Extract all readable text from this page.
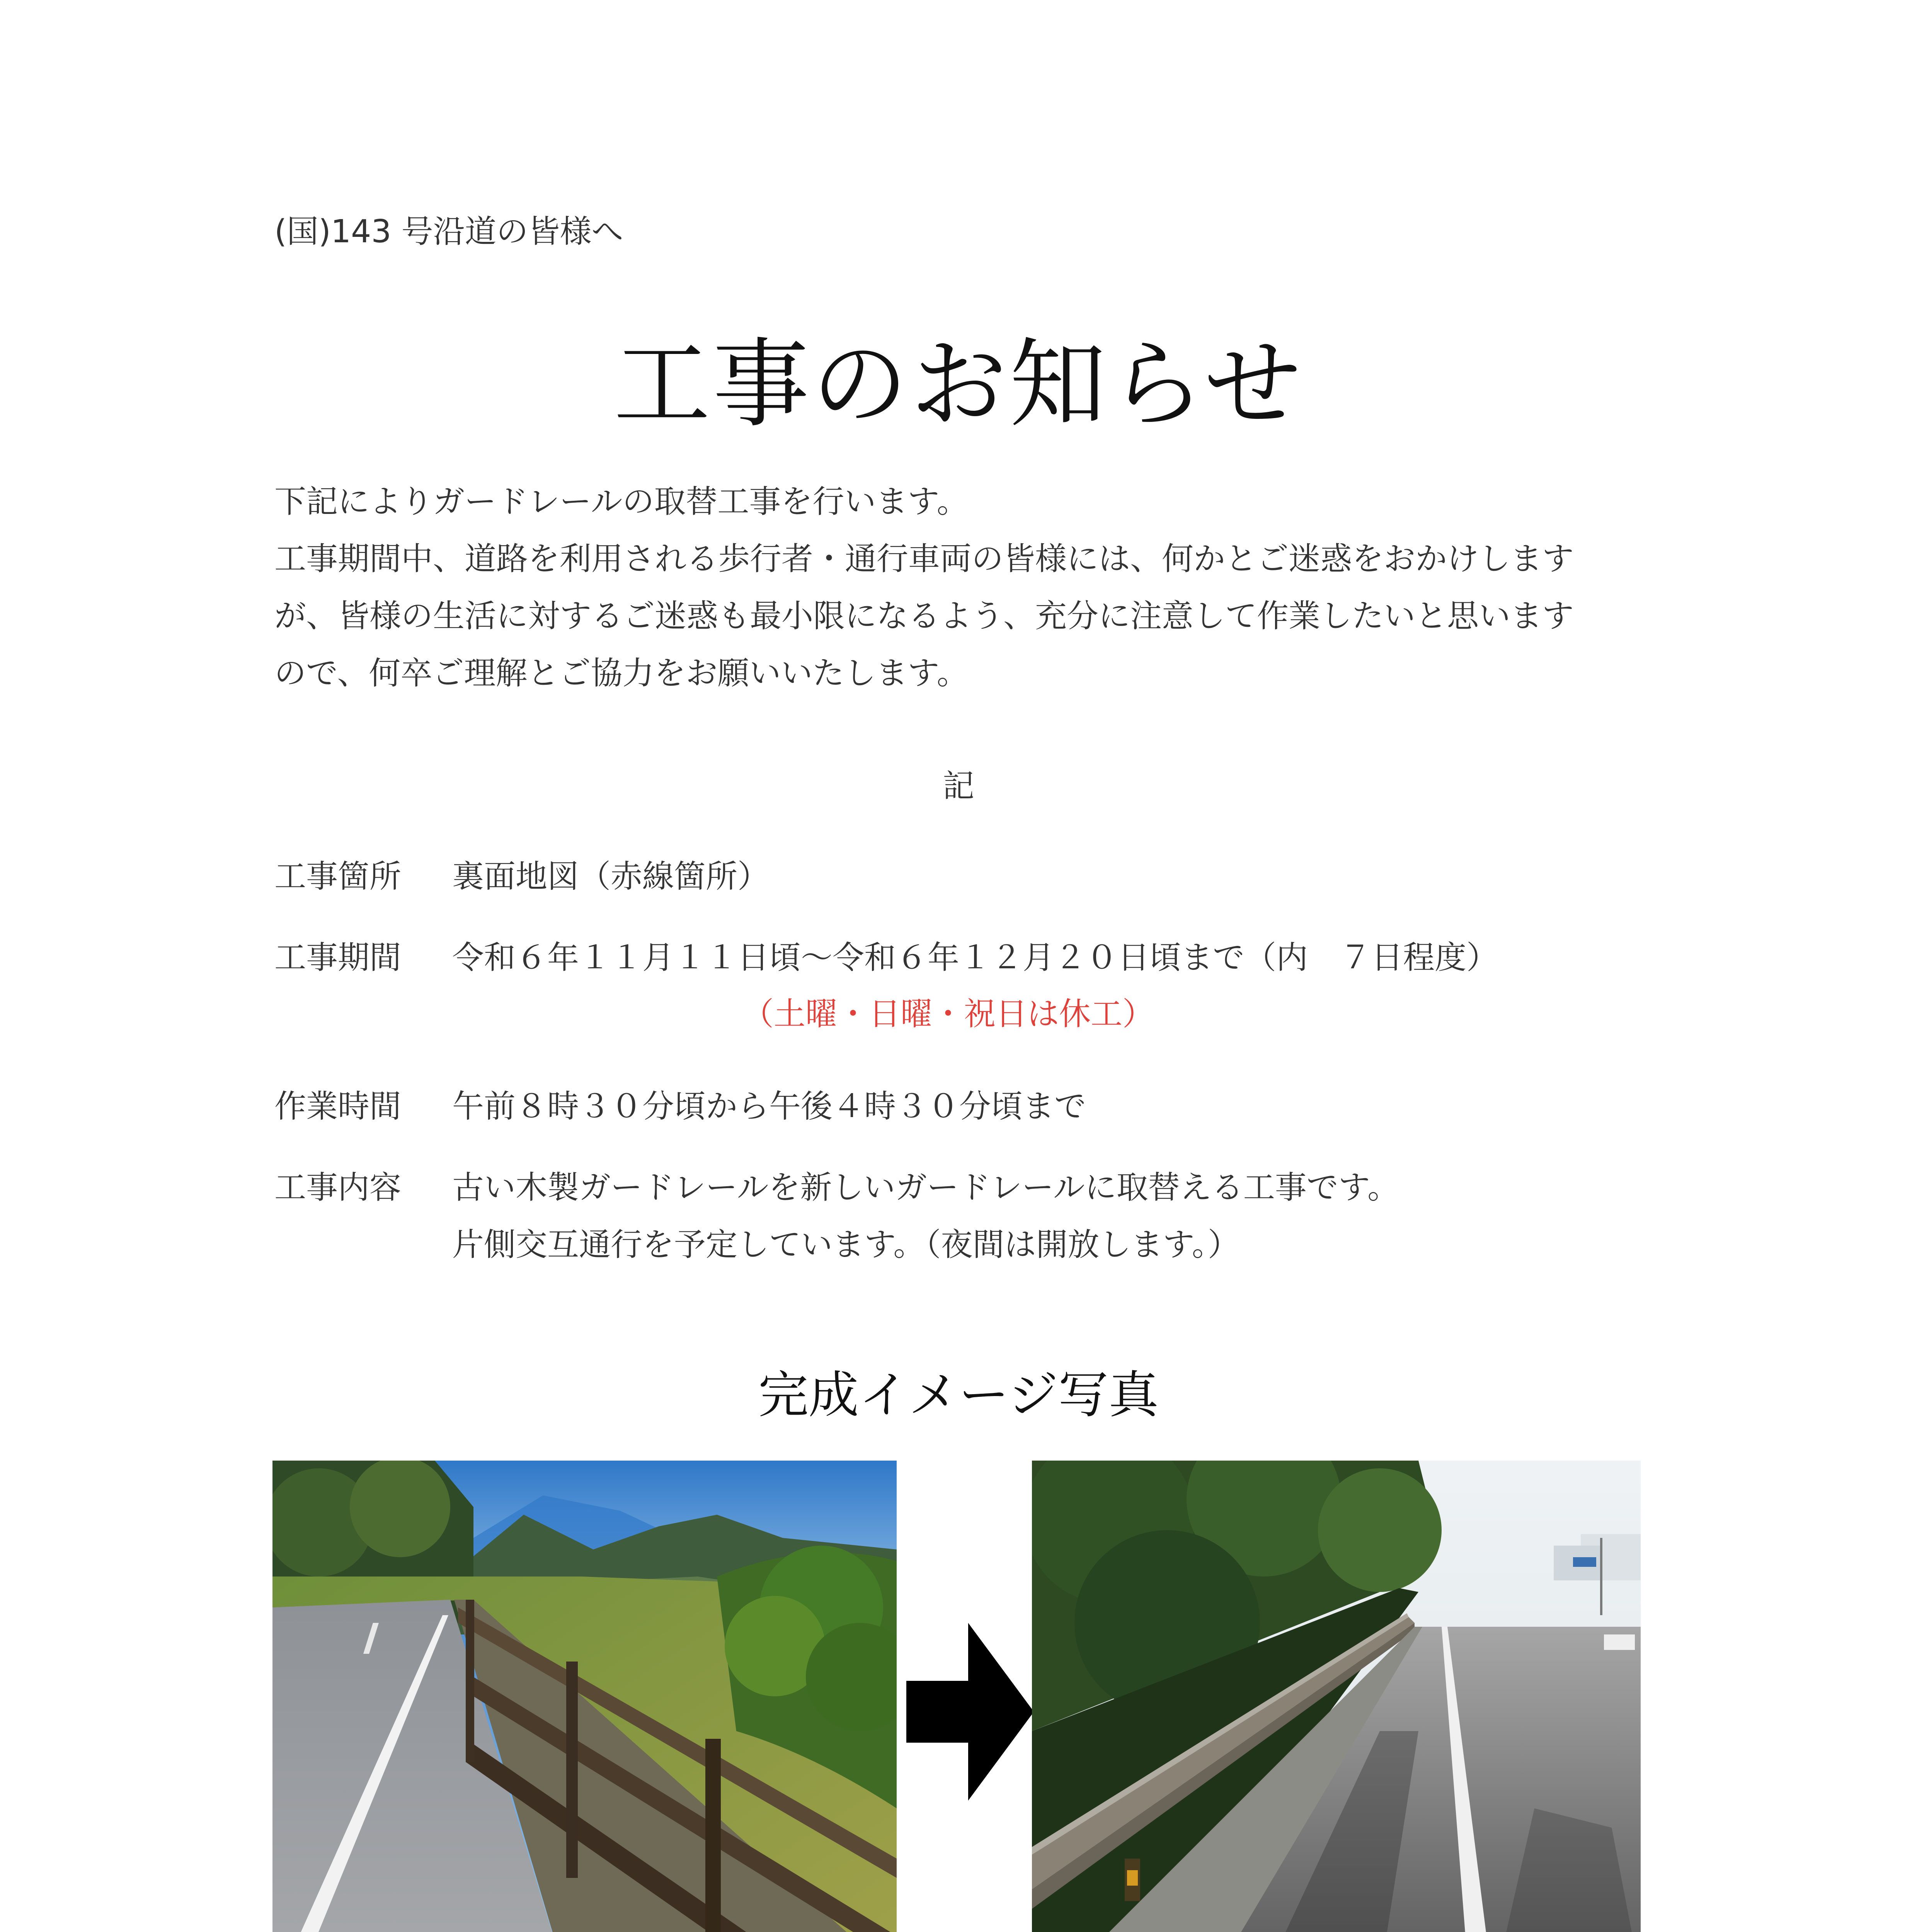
(国)143 号沿道の皆様へ
工事のお知らせ
下記によりガードレールの取替工事を行います。
工事期間中、道路を利用される歩行者・通行車両の皆様には、何かとご迷惑をおかけします
が、皆様の生活に対するご迷惑も最小限になるよう、充分に注意して作業したいと思います
ので、何卒ご理解とご協力をお願いいたします。
記
工事箇所 裏面地図（赤線箇所）
工事期間 令和６年１１月１１日頃〜令和６年１２月２０日頃まで（内　７日程度）
（土曜・日曜・祝日は休工）
作業時間 午前８時３０分頃から午後４時３０分頃まで
工事内容 古い木製ガードレールを新しいガードレールに取替える工事です。
片側交互通行を予定しています。（夜間は開放します。）
完成イメージ写真
